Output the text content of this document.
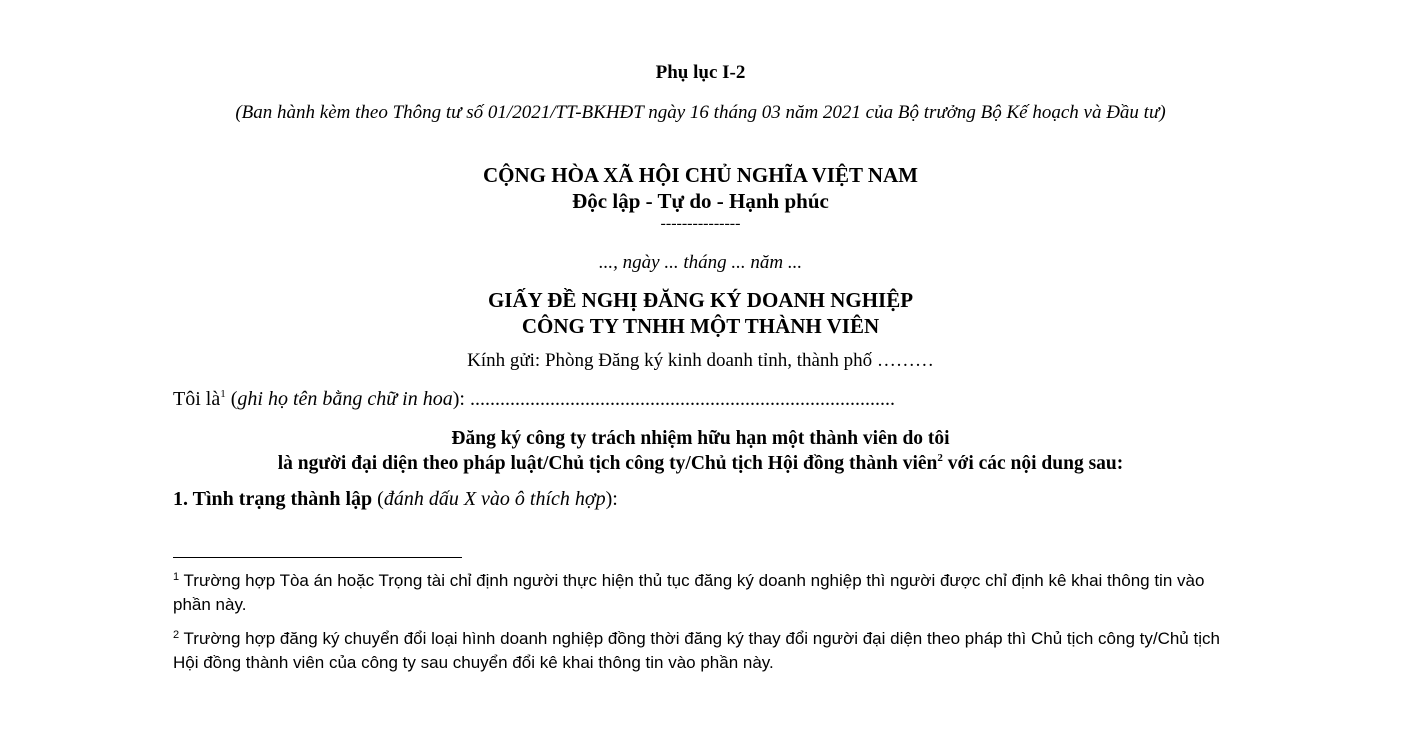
Phụ lục I-2
(Ban hành kèm theo Thông tư số 01/2021/TT-BKHĐT ngày 16 tháng 03 năm 2021 của Bộ trưởng Bộ Kế hoạch và Đầu tư)
CỘNG HÒA XÃ HỘI CHỦ NGHĨA VIỆT NAM
Độc lập - Tự do - Hạnh phúc
---------------
..., ngày ... tháng ... năm ...
GIẤY ĐỀ NGHỊ ĐĂNG KÝ DOANH NGHIỆP
CÔNG TY TNHH MỘT THÀNH VIÊN
Kính gửi: Phòng Đăng ký kinh doanh tỉnh, thành phố ………
Tôi $là^1$ (ghi họ tên bằng chữ in hoa): .....................................................................................
Đăng ký công ty trách nhiệm hữu hạn một thành viên do tôi
là người đại diện theo pháp luật/Chủ tịch công ty/Chủ tịch Hội đồng thành viên$^2$ với các nội dung sau:
1. Tình trạng thành lập (đánh dấu X vào ô thích hợp):
$^1$ Trường hợp Tòa án hoặc Trọng tài chỉ định người thực hiện thủ tục đăng ký doanh nghiệp thì người được chỉ định kê khai thông tin vào phần này.
$^2$ Trường hợp đăng ký chuyển đổi loại hình doanh nghiệp đồng thời đăng ký thay đổi người đại diện theo pháp thì Chủ tịch công ty/Chủ tịch Hội đồng thành viên của công ty sau chuyển đổi kê khai thông tin vào phần này.
